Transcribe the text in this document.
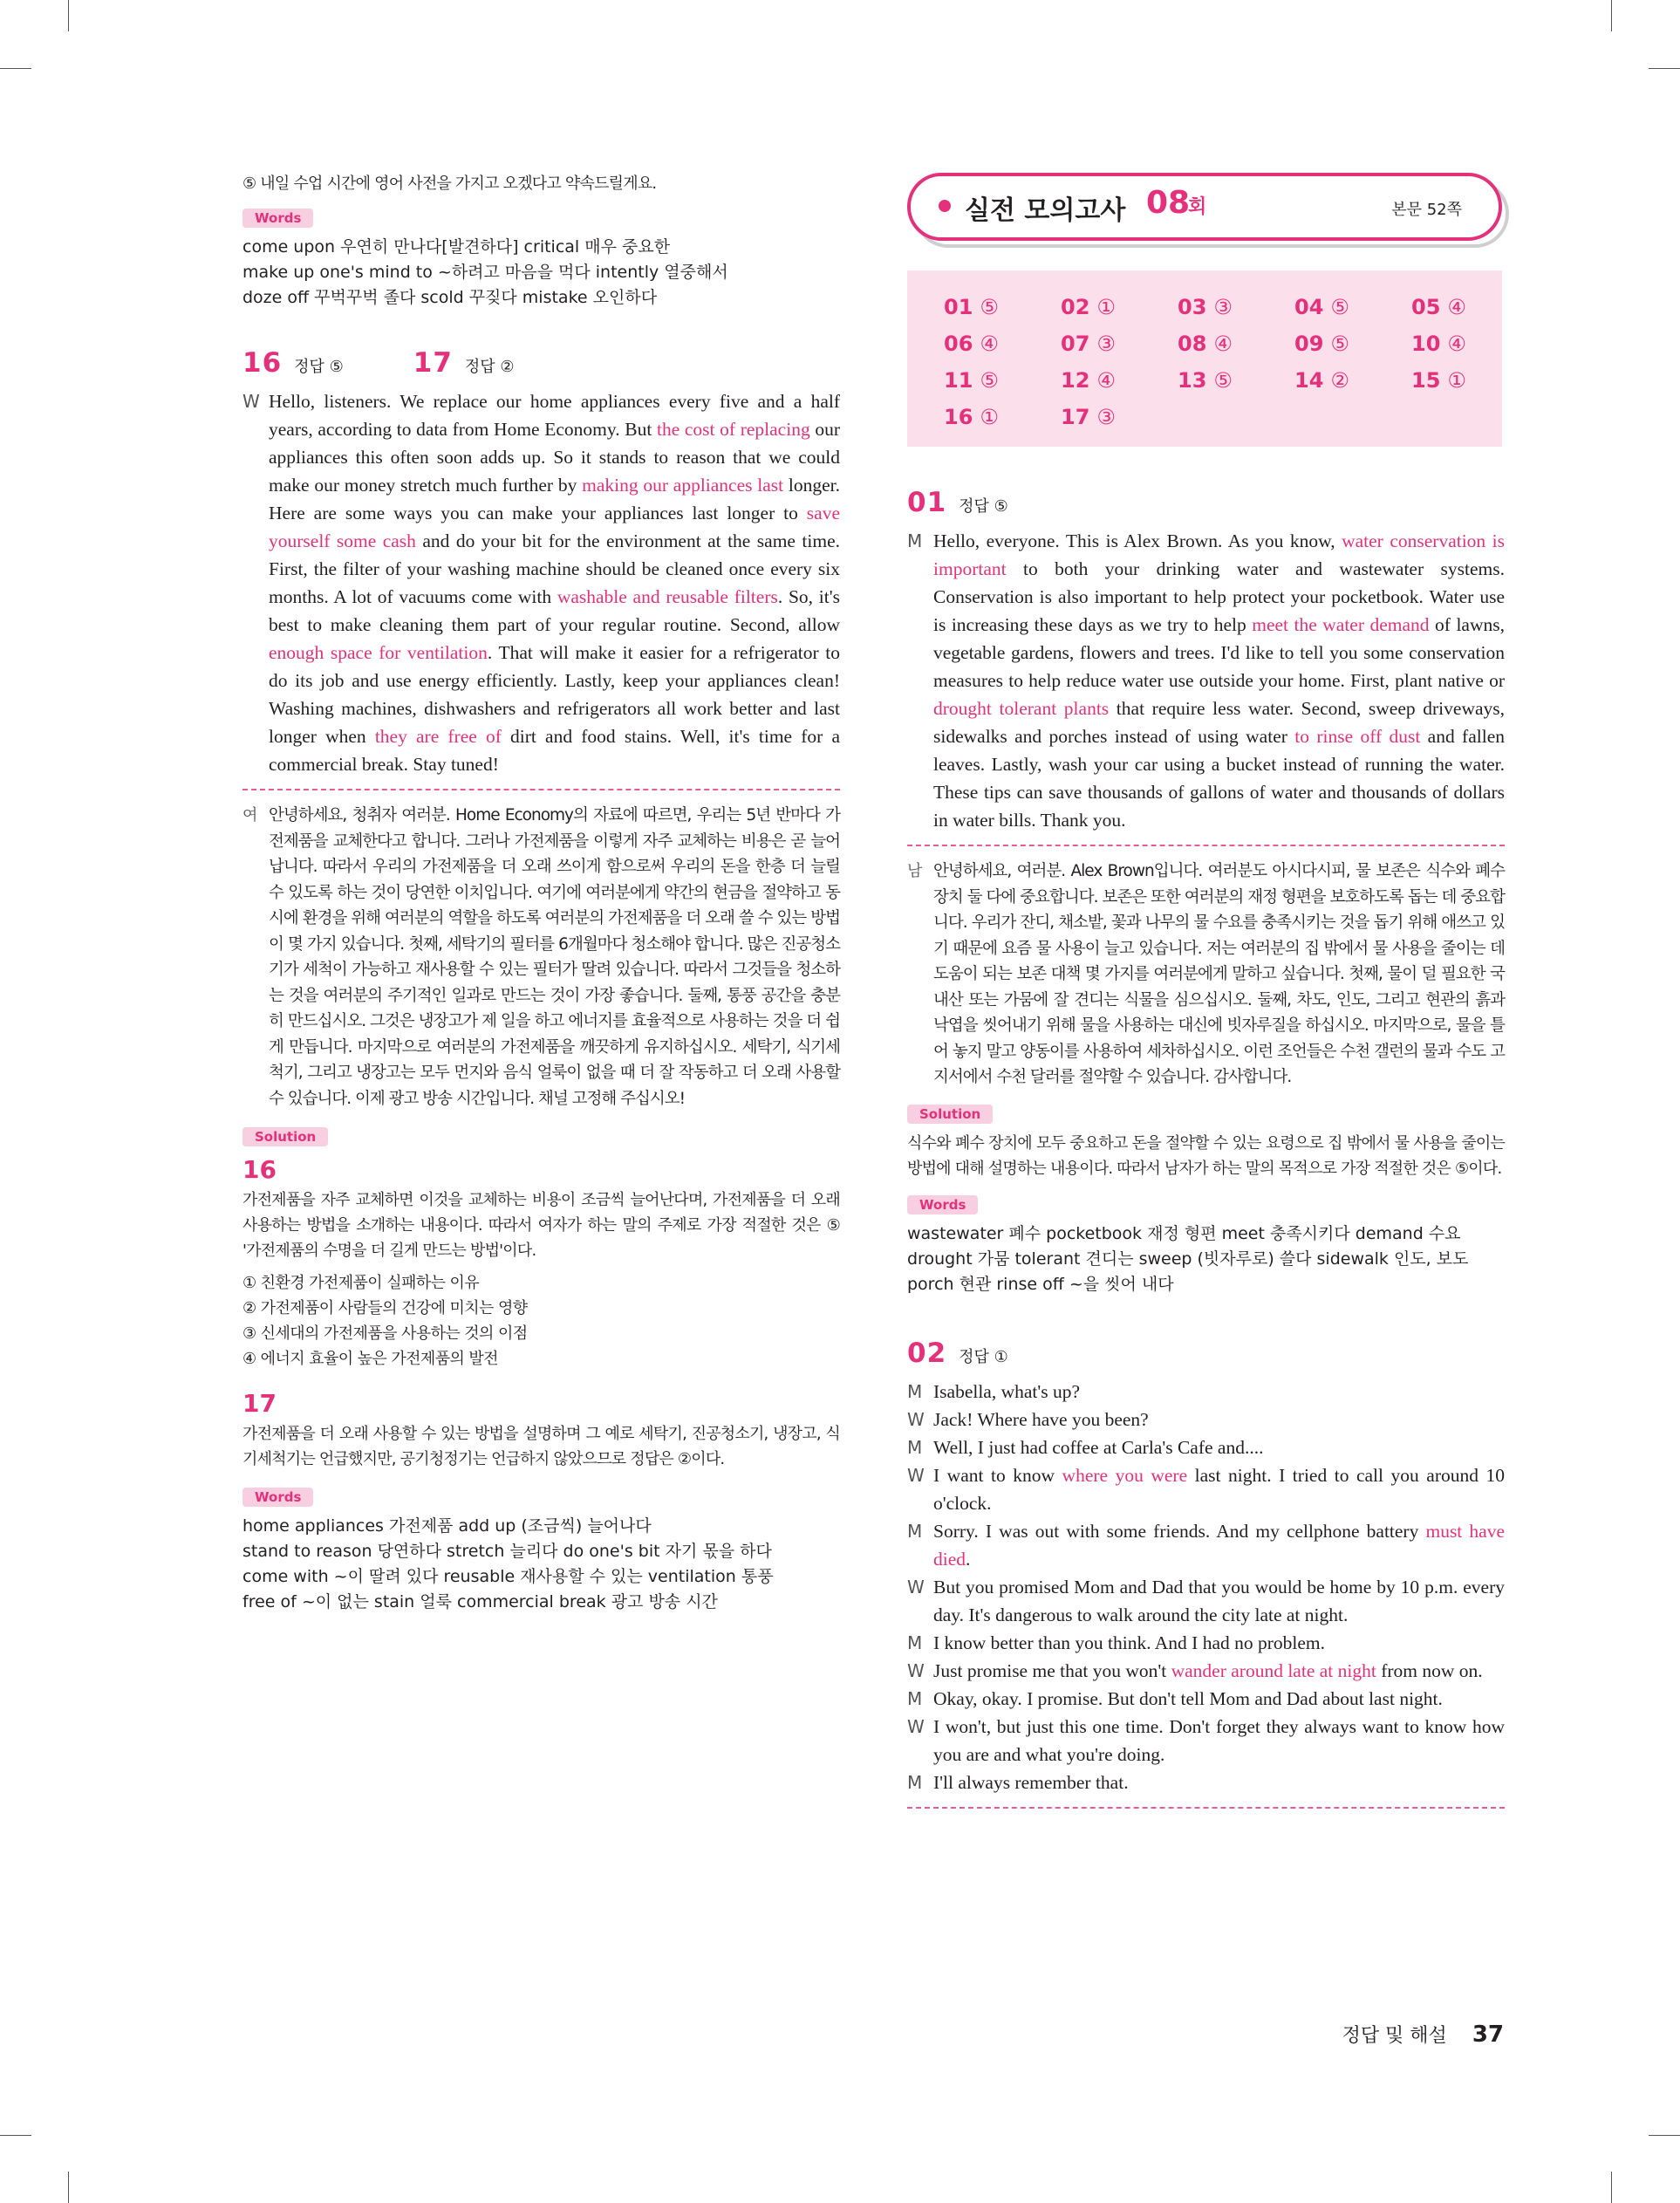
⑤ 내일 수업 시간에 영어 사전을 가지고 오겠다고 약속드릴게요.

Words

come upon 우연히 만나다[발견하다] critical 매우 중요한

make up one's mind to ~하려고 마음을 먹다 intently 열중해서

doze off 꾸벅꾸벅 졸다 scold 꾸짖다 mistake 오인하다

16 정답 ⑤	17 정답 ②
W Hello, listeners. We replace our home appliances every five and a half years, according to data from Home Economy. But the cost of replacing our appliances this often soon adds up. So it stands to reason that we could make our money stretch much further by making our appliances last longer. Here are some ways you can make your appliances last longer to save yourself some cash and do your bit for the environment at the same time. First, the filter of your washing machine should be cleaned once every six months. A lot of vacuums come with washable and reusable filters. So, it's best to make cleaning them part of your regular routine. Second, allow enough space for ventilation. That will make it easier for a refrigerator to do its job and use energy efficiently. Lastly, keep your appliances clean! Washing machines, dishwashers and refrigerators all work better and last longer when they are free of dirt and food stains. Well, it's time for a commercial break. Stay tuned!
여 안녕하세요, 청취자 여러분. Home Economy의 자료에 따르면, 우리는 5년 반마다 가전제품을 교체한다고 합니다. 그러나 가전제품을 이렇게 자주 교체하는 비용은 곧 늘어납니다. 따라서 우리의 가전제품을 더 오래 쓰이게 함으로써 우리의 돈을 한층 더 늘릴 수 있도록 하는 것이 당연한 이치입니다. 여기에 여러분에게 약간의 현금을 절약하고 동시에 환경을 위해 여러분의 역할을 하도록 여러분의 가전제품을 더 오래 쓸 수 있는 방법이 몇 가지 있습니다. 첫째, 세탁기의 필터를 6개월마다 청소해야 합니다. 많은 진공청소기가 세척이 가능하고 재사용할 수 있는 필터가 딸려 있습니다. 따라서 그것들을 청소하는 것을 여러분의 주기적인 일과로 만드는 것이 가장 좋습니다. 둘째, 통풍 공간을 충분히 만드십시오. 그것은 냉장고가 제 일을 하고 에너지를 효율적으로 사용하는 것을 더 쉽게 만듭니다. 마지막으로 여러분의 가전제품을 깨끗하게 유지하십시오. 세탁기, 식기세척기, 그리고 냉장고는 모두 먼지와 음식 얼룩이 없을 때 더 잘 작동하고 더 오래 사용할 수 있습니다. 이제 광고 방송 시간입니다. 채널 고정해 주십시오!
Solution
16

가전제품을 자주 교체하면 이것을 교체하는 비용이 조금씩 늘어난다며, 가전제품을 더 오래 사용하는 방법을 소개하는 내용이다. 따라서 여자가 하는 말의 주제로 가장 적절한 것은 ⑤ '가전제품의 수명을 더 길게 만드는 방법'이다.

① 친환경 가전제품이 실패하는 이유

② 가전제품이 사람들의 건강에 미치는 영향

③ 신세대의 가전제품을 사용하는 것의 이점

④ 에너지 효율이 높은 가전제품의 발전

17

가전제품을 더 오래 사용할 수 있는 방법을 설명하며 그 예로 세탁기, 진공청소기, 냉장고, 식기세척기는 언급했지만, 공기청정기는 언급하지 않았으므로 정답은 ②이다.

Words

home appliances 가전제품 add up (조금씩) 늘어나다

stand to reason 당연하다 stretch 늘리다 do one's bit 자기 몫을 하다

come with ~이 딸려 있다 reusable 재사용할 수 있는 ventilation 통풍

free of ~이 없는 stain 얼룩 commercial break 광고 방송 시간

실전 모의고사 08
회	본문 52쪽
01 ⑤	02 ①	03 ③	04 ⑤	05 ④
06 ④	07 ③	08 ④	09 ⑤	10 ④
11 ⑤	12 ④	13 ⑤	14 ②	15 ①
16 ①	17 ③
01 정답 ⑤
M Hello, everyone. This is Alex Brown. As you know, water conservation is important to both your drinking water and wastewater systems. Conservation is also important to help protect your pocketbook. Water use is increasing these days as we try to help meet the water demand of lawns, vegetable gardens, flowers and trees. I'd like to tell you some conservation measures to help reduce water use outside your home. First, plant native or drought tolerant plants that require less water. Second, sweep driveways, sidewalks and porches instead of using water to rinse off dust and fallen leaves. Lastly, wash your car using a bucket instead of running the water. These tips can save thousands of gallons of water and thousands of dollars in water bills. Thank you.
남 안녕하세요, 여러분. Alex Brown입니다. 여러분도 아시다시피, 물 보존은 식수와 폐수 장치 둘 다에 중요합니다. 보존은 또한 여러분의 재정 형편을 보호하도록 돕는 데 중요합니다. 우리가 잔디, 채소밭, 꽃과 나무의 물 수요를 충족시키는 것을 돕기 위해 애쓰고 있기 때문에 요즘 물 사용이 늘고 있습니다. 저는 여러분의 집 밖에서 물 사용을 줄이는 데 도움이 되는 보존 대책 몇 가지를 여러분에게 말하고 싶습니다. 첫째, 물이 덜 필요한 국내산 또는 가뭄에 잘 견디는 식물을 심으십시오. 둘째, 차도, 인도, 그리고 현관의 흙과 낙엽을 씻어내기 위해 물을 사용하는 대신에 빗자루질을 하십시오. 마지막으로, 물을 틀어 놓지 말고 양동이를 사용하여 세차하십시오. 이런 조언들은 수천 갤런의 물과 수도 고지서에서 수천 달러를 절약할 수 있습니다. 감사합니다.
Solution

식수와 폐수 장치에 모두 중요하고 돈을 절약할 수 있는 요령으로 집 밖에서 물 사용을 줄이는 방법에 대해 설명하는 내용이다. 따라서 남자가 하는 말의 목적으로 가장 적절한 것은 ⑤이다.

Words

wastewater 폐수 pocketbook 재정 형편 meet 충족시키다 demand 수요

drought 가뭄 tolerant 견디는 sweep (빗자루로) 쓸다 sidewalk 인도, 보도

porch 현관 rinse off ~을 씻어 내다

02 정답 ①
M Isabella, what's up?
W Jack! Where have you been?
M Well, I just had coffee at Carla's Cafe and....
W I want to know where you were last night. I tried to call you around 10 o'clock.
M Sorry. I was out with some friends. And my cellphone battery must have died.
W But you promised Mom and Dad that you would be home by 10 p.m. every day. It's dangerous to walk around the city late at night.
M I know better than you think. And I had no problem.
W Just promise me that you won't wander around late at night from now on.
M Okay, okay. I promise. But don't tell Mom and Dad about last night.
W I won't, but just this one time. Don't forget they always want to know how you are and what you're doing.
M I'll always remember that.
정답 및 해설 37
